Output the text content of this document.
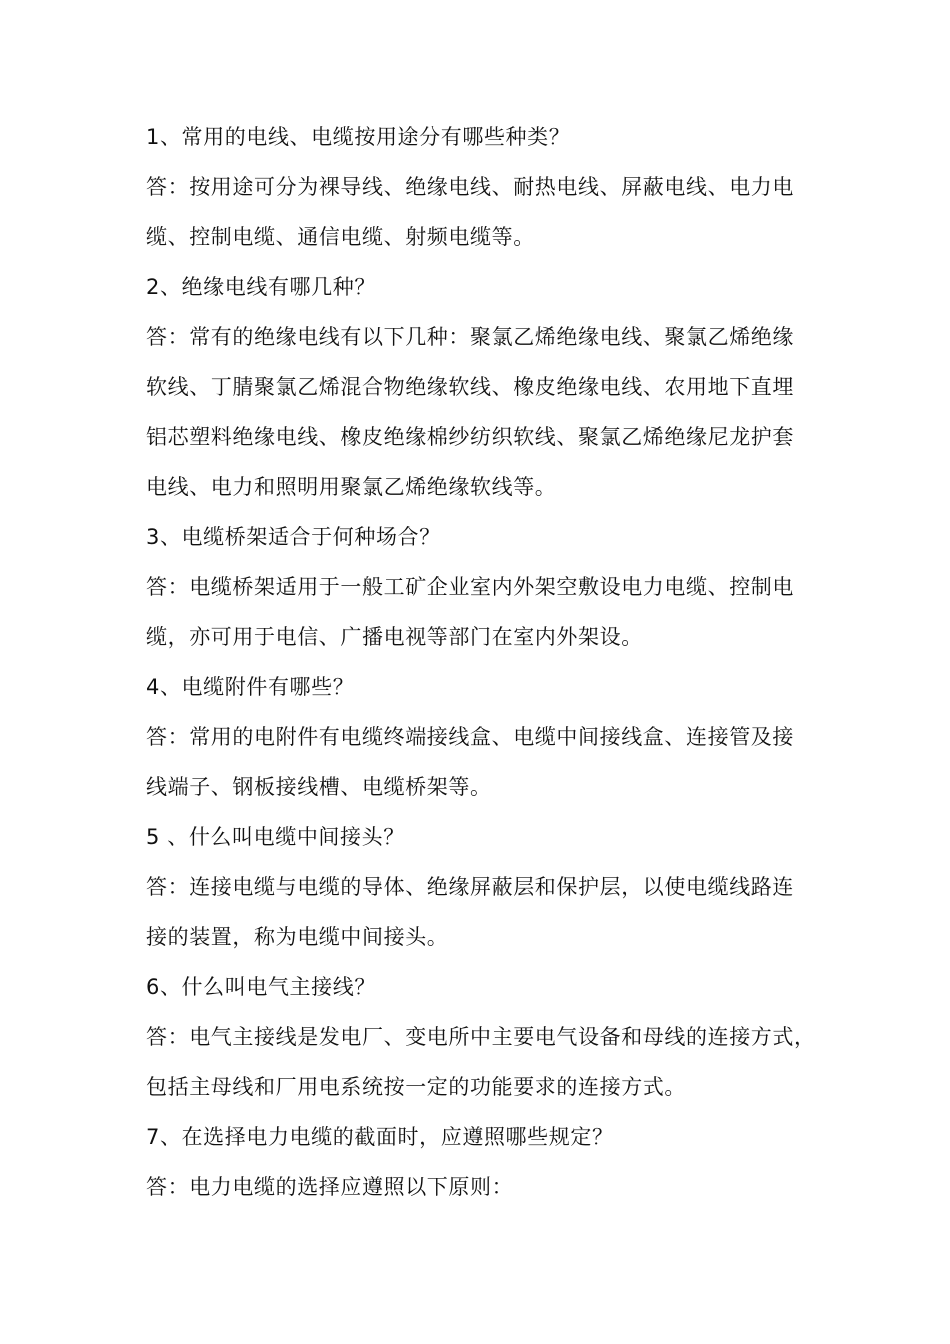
1、常用的电线、电缆按用途分有哪些种类？
答：按用途可分为裸导线、绝缘电线、耐热电线、屏蔽电线、电力电
缆、控制电缆、通信电缆、射频电缆等。
2、绝缘电线有哪几种？
答：常有的绝缘电线有以下几种：聚氯乙烯绝缘电线、聚氯乙烯绝缘
软线、丁腈聚氯乙烯混合物绝缘软线、橡皮绝缘电线、农用地下直埋
铝芯塑料绝缘电线、橡皮绝缘棉纱纺织软线、聚氯乙烯绝缘尼龙护套
电线、电力和照明用聚氯乙烯绝缘软线等。
3、电缆桥架适合于何种场合？
答：电缆桥架适用于一般工矿企业室内外架空敷设电力电缆、控制电
缆，亦可用于电信、广播电视等部门在室内外架设。
4、电缆附件有哪些？
答：常用的电附件有电缆终端接线盒、电缆中间接线盒、连接管及接
线端子、钢板接线槽、电缆桥架等。
5 、什么叫电缆中间接头？
答：连接电缆与电缆的导体、绝缘屏蔽层和保护层，以使电缆线路连
接的装置，称为电缆中间接头。
6、什么叫电气主接线？
答：电气主接线是发电厂、变电所中主要电气设备和母线的连接方式，
包括主母线和厂用电系统按一定的功能要求的连接方式。
7、在选择电力电缆的截面时，应遵照哪些规定？
答：电力电缆的选择应遵照以下原则：
